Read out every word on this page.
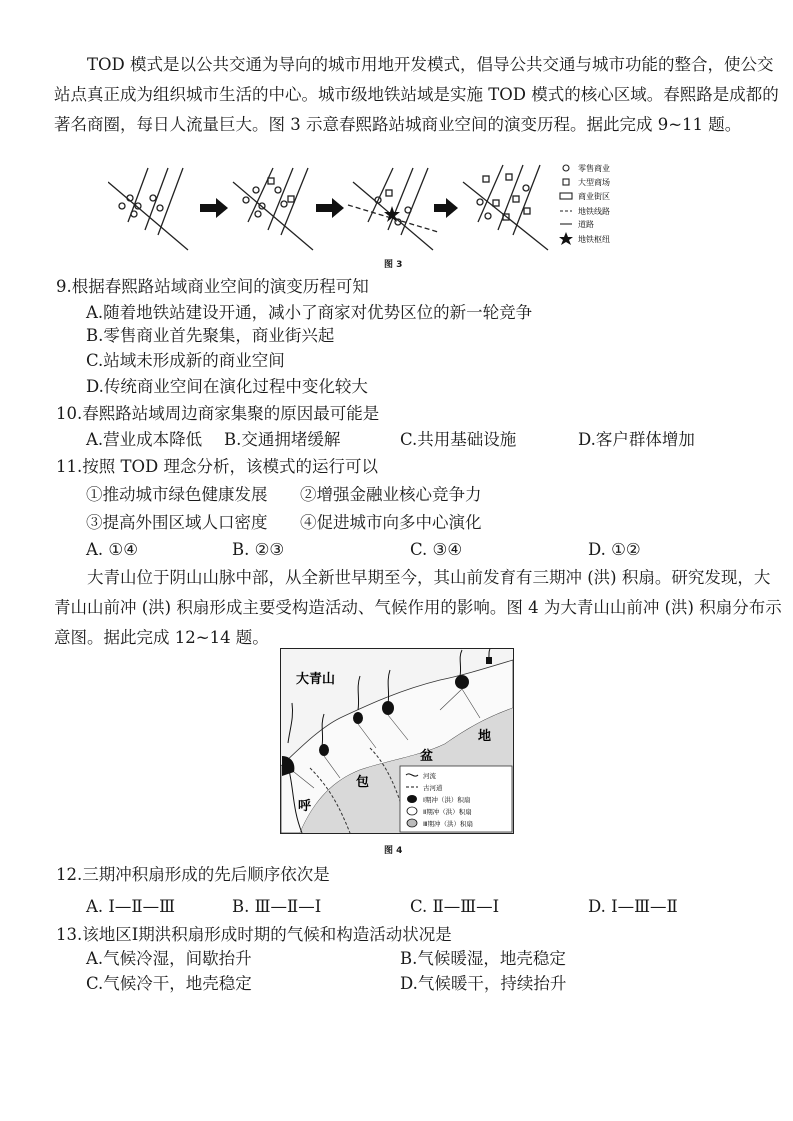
TOD 模式是以公共交通为导向的城市用地开发模式，倡导公共交通与城市功能的整合，使公交站点真正成为组织城市生活的中心。城市级地铁站域是实施 TOD 模式的核心区域。春熙路是成都的著名商圈，每日人流量巨大。图 3 示意春熙路站城商业空间的演变历程。据此完成 9~11 题。
零售商业
大型商场
商业街区
地铁线路
道路
地铁枢纽
图 3
9.根据春熙路站域商业空间的演变历程可知
A.随着地铁站建设开通，减小了商家对优势区位的新一轮竞争
B.零售商业首先聚集，商业街兴起
C.站域未形成新的商业空间
D.传统商业空间在演化过程中变化较大
10.春熙路站域周边商家集聚的原因最可能是
A.营业成本降低 B.交通拥堵缓解	C.共用基础设施	D.客户群体增加
11.按照 TOD 理念分析，该模式的运行可以
①推动城市绿色健康发展 ②增强金融业核心竞争力
③提高外围区域人口密度 ④促进城市向多中心演化
A. ①④	B. ②③	C. ③④	D. ①②
大青山位于阴山山脉中部，从全新世早期至今，其山前发育有三期冲 (洪) 积扇。研究发现，大青山山前冲 (洪) 积扇形成主要受构造活动、气候作用的影响。图 4 为大青山山前冲 (洪) 积扇分布示意图。据此完成 12~14 题。
河流
古河道
Ⅰ期冲（洪）积扇
Ⅱ期冲（洪）积扇
Ⅲ期冲（洪）积扇
大青山
地
盆
包
呼
图 4
12.三期冲积扇形成的先后顺序依次是
A. Ⅰ—Ⅱ—Ⅲ	B. Ⅲ—Ⅱ—Ⅰ	C. Ⅱ—Ⅲ—Ⅰ	D. Ⅰ—Ⅲ—Ⅱ
13.该地区Ⅰ期洪积扇形成时期的气候和构造活动状况是
A.气候冷湿，间歇抬升	B.气候暖湿，地壳稳定
C.气候冷干，地壳稳定	D.气候暖干，持续抬升
